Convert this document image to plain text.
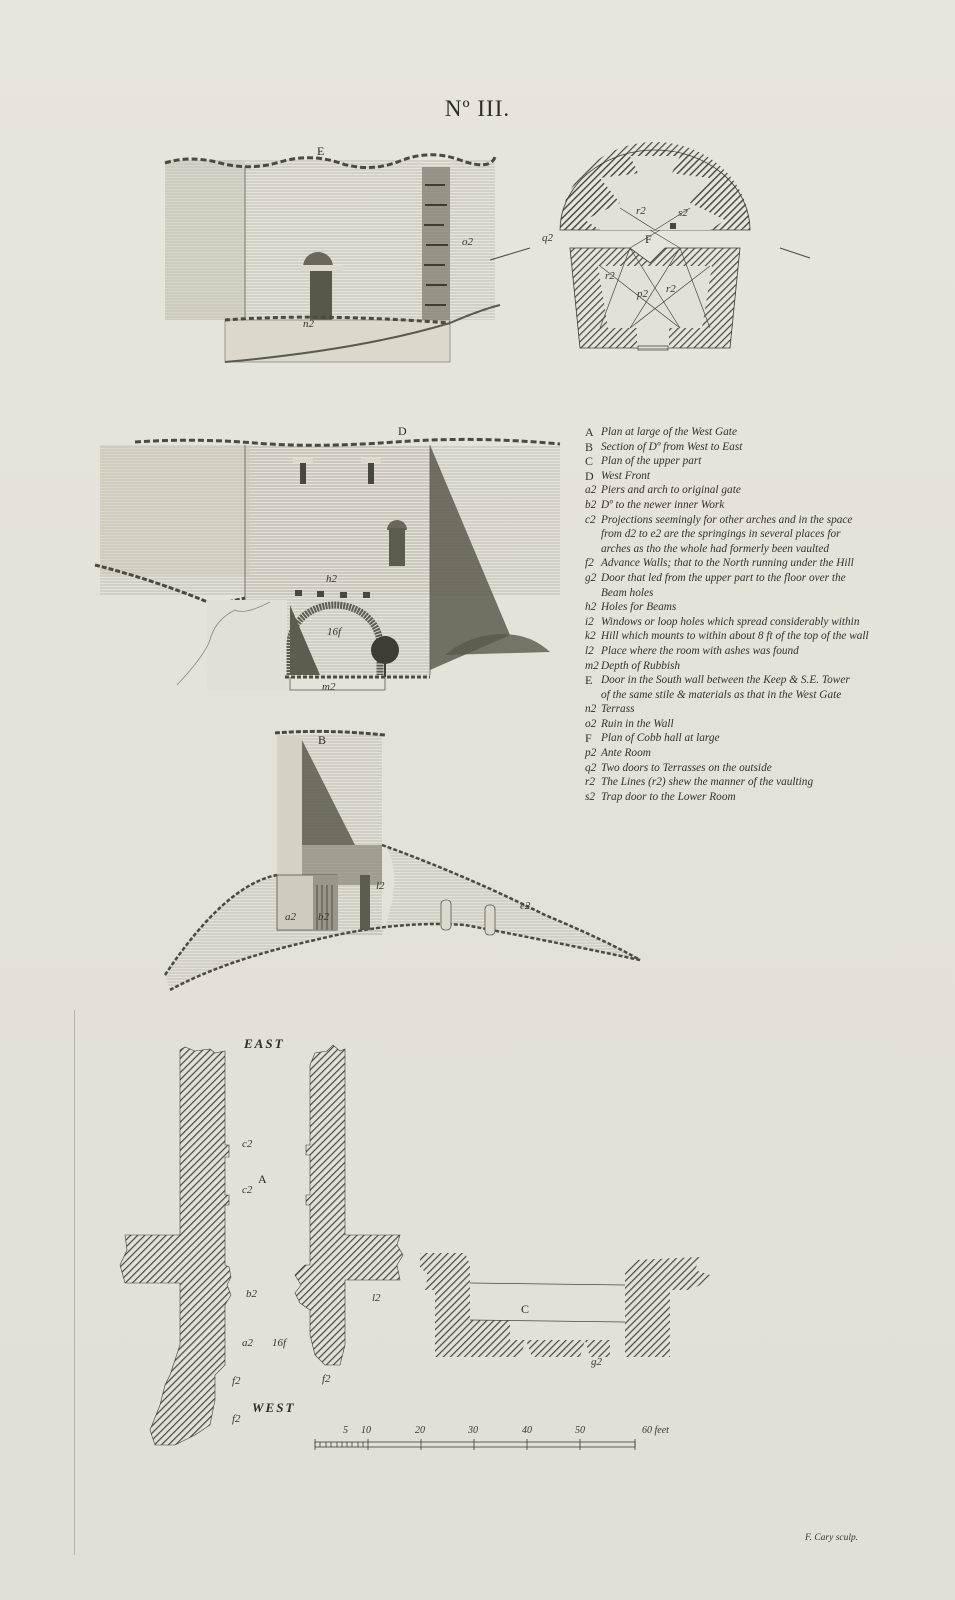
Nº III.
E
n2
o2	F
r2	s2
q2
r2
p2 r2
D
h2
16f
m2
B
a2 b2
l2
e2
EAST
A
c2
c2
b2
a2 16f
f2
f2
l2
f2
WEST
C
g2
5 10	20	30	40	50	60 feet
A Plan at large of the West Gate
B Section of Dº from West to East
C Plan of the upper part
D West Front
a2 Piers and arch to original gate
b2 Dº to the newer inner Work
c2 Projections seemingly for other arches and in the space
from d2 to e2 are the springings in several places for
arches as tho the whole had formerly been vaulted
f2 Advance Walls; that to the North running under the Hill
g2 Door that led from the upper part to the floor over the
Beam holes
h2 Holes for Beams
i2 Windows or loop holes which spread considerably within
k2 Hill which mounts to within about 8 ft of the top of the wall
l2 Place where the room with ashes was found
m2 Depth of Rubbish
E Door in the South wall between the Keep & S.E. Tower
of the same stile & materials as that in the West Gate
n2 Terrass
o2 Ruin in the Wall
F Plan of Cobb hall at large
p2 Ante Room
q2 Two doors to Terrasses on the outside
r2 The Lines (r2) shew the manner of the vaulting
s2 Trap door to the Lower Room
F. Cary sculp.
